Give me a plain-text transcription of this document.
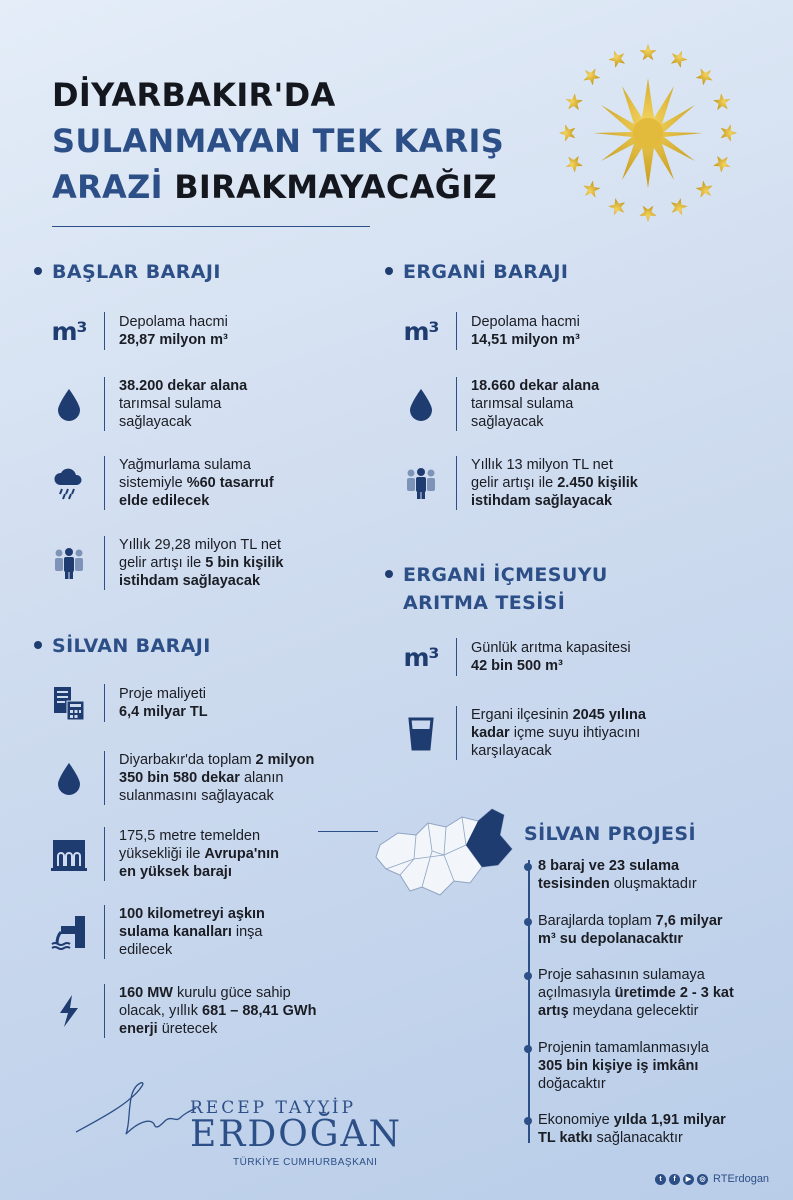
DİYARBAKIR'DA
SULANMAYAN TEK KARIŞ
ARAZİ BIRAKMAYACAĞIZ
BAŞLAR BARAJI
m³ Depolama hacmi
28,87 milyon m³
38.200 dekar alana
tarımsal sulama
sağlayacak
Yağmurlama sulama
sistemiyle %60 tasarruf
elde edilecek
Yıllık 29,28 milyon TL net
gelir artışı ile 5 bin kişilik
istihdam sağlayacak
SİLVAN BARAJI
Proje maliyeti
6,4 milyar TL
Diyarbakır'da toplam 2 milyon
350 bin 580 dekar alanın
sulanmasını sağlayacak
175,5 metre temelden
yüksekliği ile Avrupa'nın
en yüksek barajı
100 kilometreyi aşkın
sulama kanalları inşa
edilecek
160 MW kurulu güce sahip
olacak, yıllık 681 – 88,41 GWh
enerji üretecek
ERGANİ BARAJI
m³ Depolama hacmi
14,51 milyon m³
18.660 dekar alana
tarımsal sulama
sağlayacak
Yıllık 13 milyon TL net
gelir artışı ile 2.450 kişilik
istihdam sağlayacak
ERGANİ İÇMESUYU
ARITMA TESİSİ
m³ Günlük arıtma kapasitesi
42 bin 500 m³
Ergani ilçesinin 2045 yılına
kadar içme suyu ihtiyacını
karşılayacak
SİLVAN PROJESİ
8 baraj ve 23 sulama
tesisinden oluşmaktadır
Barajlarda toplam 7,6 milyar
m³ su depolanacaktır
Proje sahasının sulamaya
açılmasıyla üretimde 2 - 3 kat
artış meydana gelecektir
Projenin tamamlanmasıyla
305 bin kişiye iş imkânı
doğacaktır
Ekonomiye yılda 1,91 milyar
TL katkı sağlanacaktır
RECEP TAYYİP
ERDOĞAN
TÜRKİYE CUMHURBAŞKANI
t	f	▶	◎ RTErdogan
